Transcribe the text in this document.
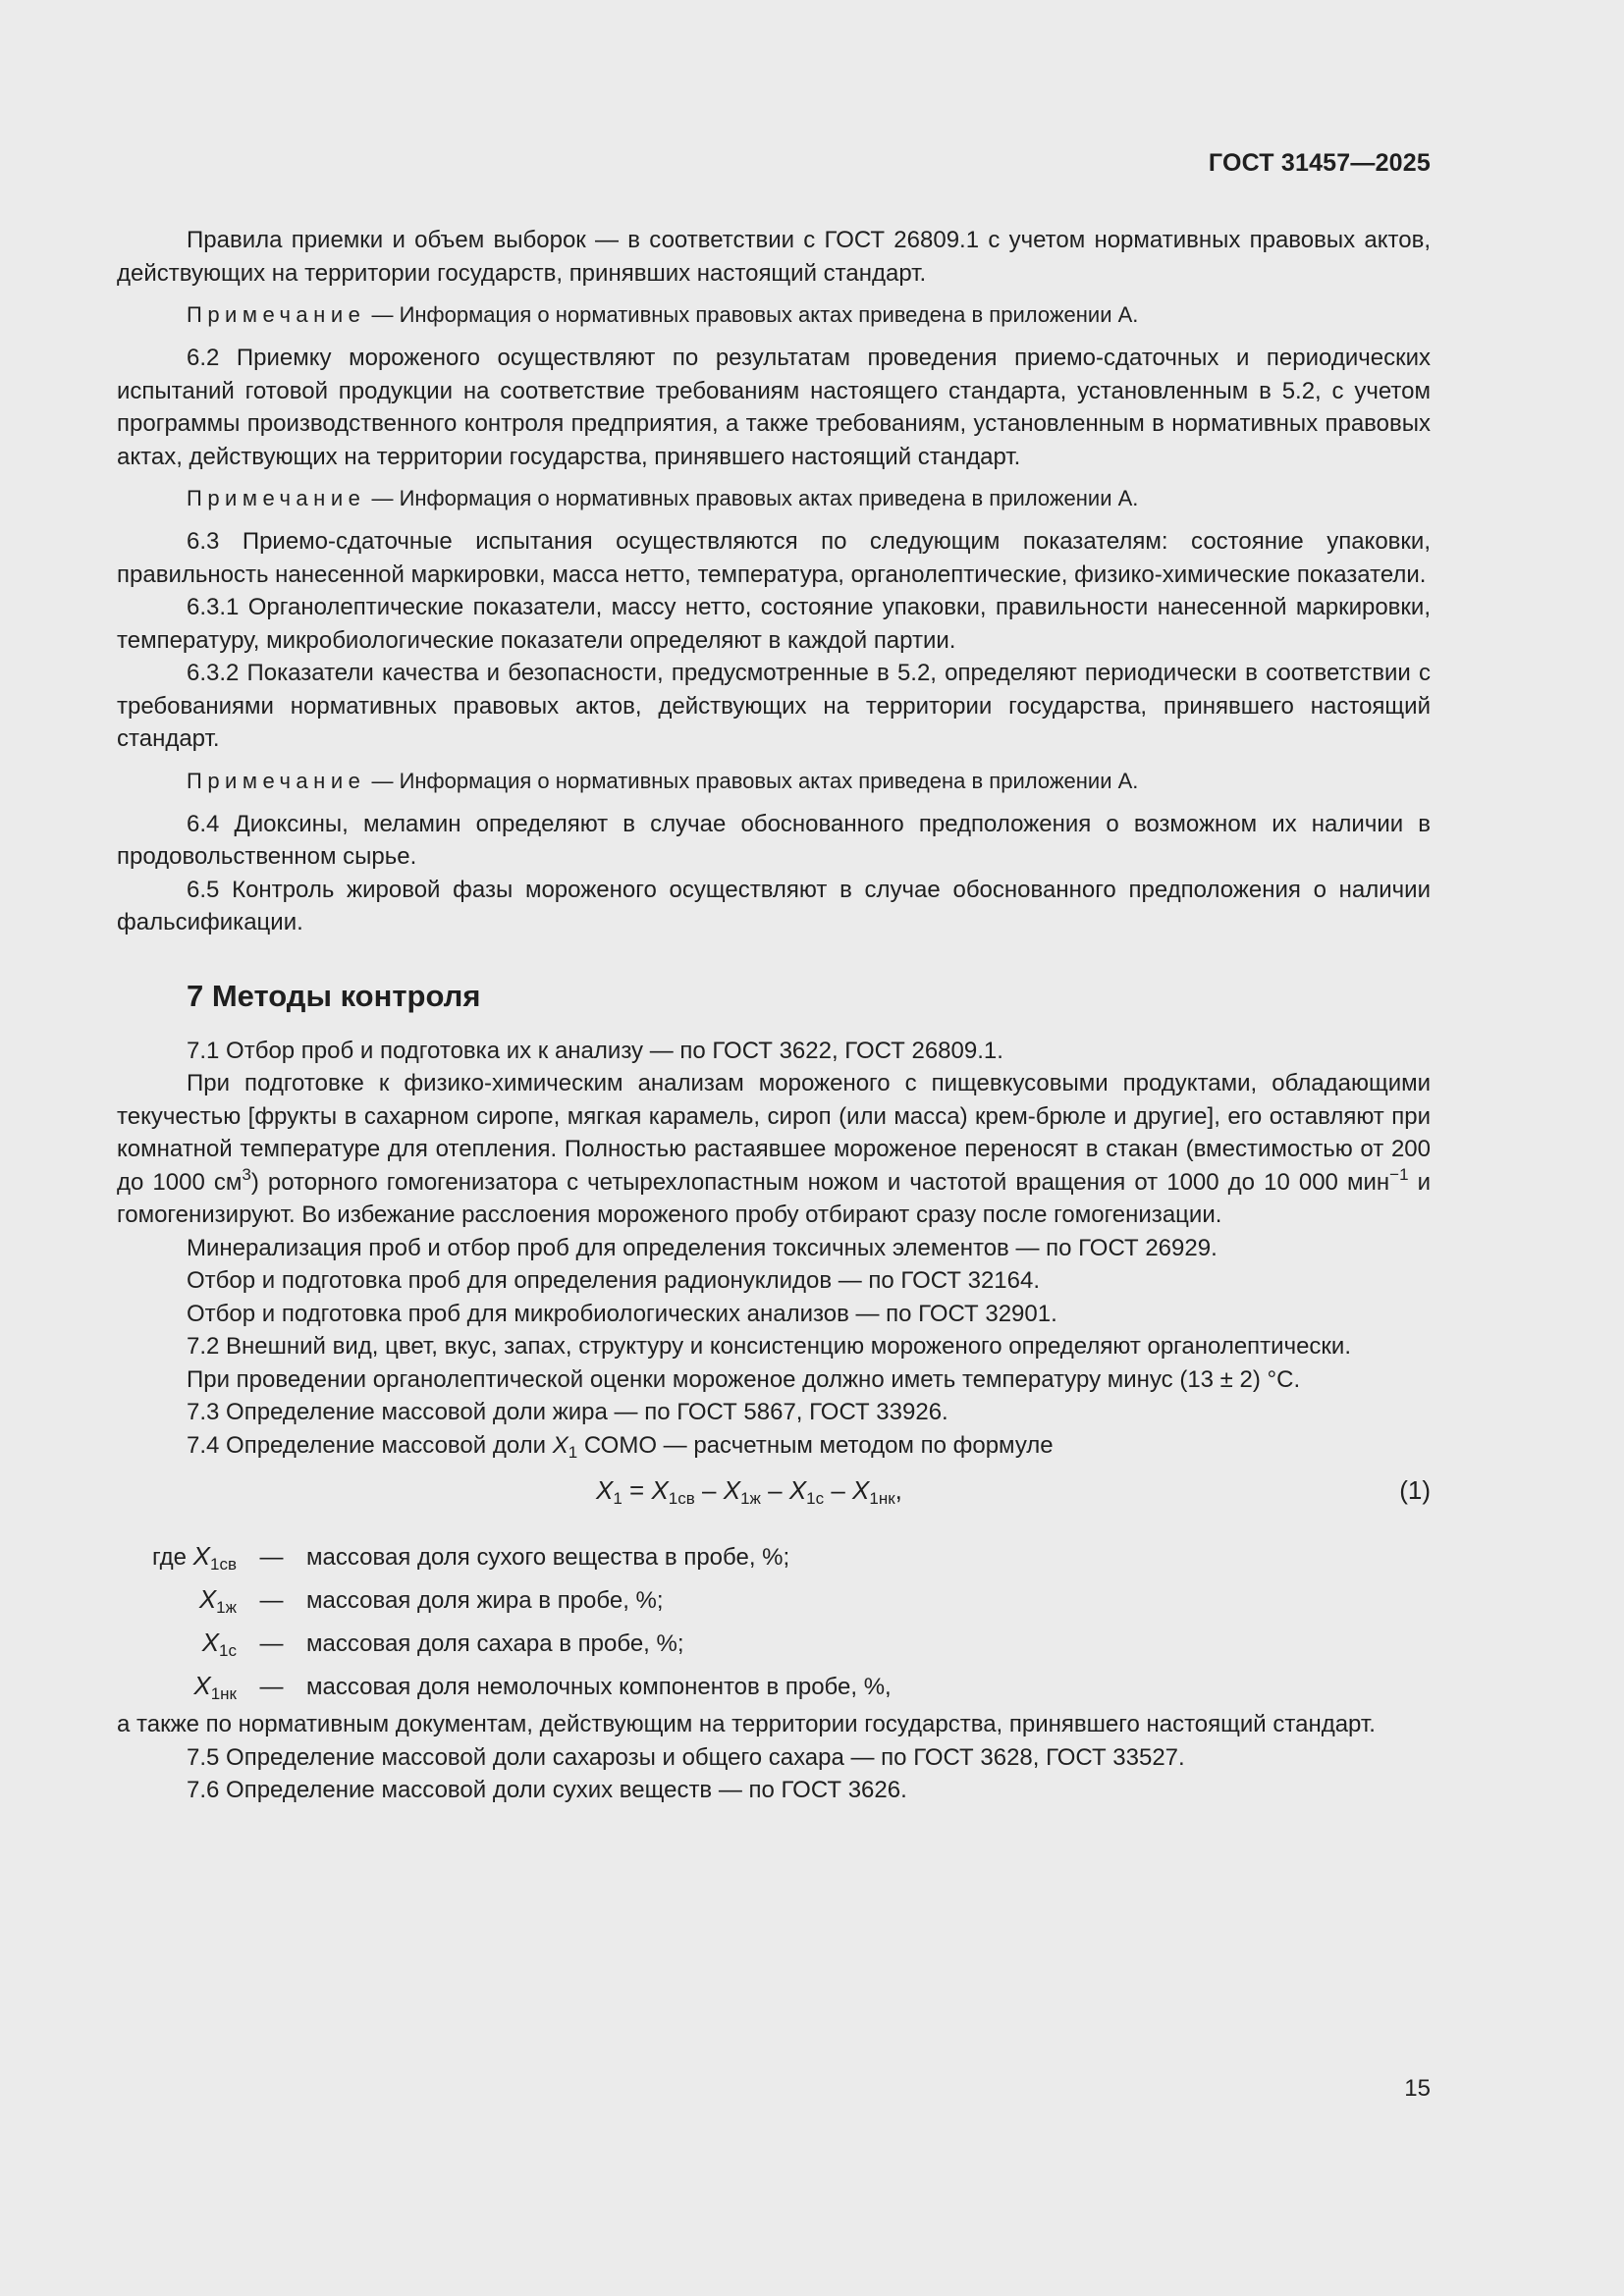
ГОСТ 31457—2025

Правила приемки и объем выборок — в соответствии с ГОСТ 26809.1 с учетом нормативных правовых актов, действующих на территории государств, принявших настоящий стандарт.

Примечание — Информация о нормативных правовых актах приведена в приложении А.

6.2 Приемку мороженого осуществляют по результатам проведения приемо-сдаточных и периодических испытаний готовой продукции на соответствие требованиям настоящего стандарта, установленным в 5.2, с учетом программы производственного контроля предприятия, а также требованиям, установленным в нормативных правовых актах, действующих на территории государства, принявшего настоящий стандарт.

Примечание — Информация о нормативных правовых актах приведена в приложении А.

6.3 Приемо-сдаточные испытания осуществляются по следующим показателям: состояние упаковки, правильность нанесенной маркировки, масса нетто, температура, органолептические, физико-химические показатели.

6.3.1 Органолептические показатели, массу нетто, состояние упаковки, правильности нанесенной маркировки, температуру, микробиологические показатели определяют в каждой партии.

6.3.2 Показатели качества и безопасности, предусмотренные в 5.2, определяют периодически в соответствии с требованиями нормативных правовых актов, действующих на территории государства, принявшего настоящий стандарт.

Примечание — Информация о нормативных правовых актах приведена в приложении А.

6.4 Диоксины, меламин определяют в случае обоснованного предположения о возможном их наличии в продовольственном сырье.

6.5 Контроль жировой фазы мороженого осуществляют в случае обоснованного предположения о наличии фальсификации.

7 Методы контроля

7.1 Отбор проб и подготовка их к анализу — по ГОСТ 3622, ГОСТ 26809.1.

При подготовке к физико-химическим анализам мороженого с пищевкусовыми продуктами, обладающими текучестью [фрукты в сахарном сиропе, мягкая карамель, сироп (или масса) крем-брюле и другие], его оставляют при комнатной температуре для отепления. Полностью растаявшее мороженое переносят в стакан (вместимостью от 200 до 1000 $см^3$) роторного гомогенизатора с четырехлопастным ножом и частотой вращения от 1000 до 10 000 мин$^{-1}$ и гомогенизируют. Во избежание расслоения мороженого пробу отбирают сразу после гомогенизации.

Минерализация проб и отбор проб для определения токсичных элементов — по ГОСТ 26929.

Отбор и подготовка проб для определения радионуклидов — по ГОСТ 32164.

Отбор и подготовка проб для микробиологических анализов — по ГОСТ 32901.

7.2 Внешний вид, цвет, вкус, запах, структуру и консистенцию мороженого определяют органолептически.

При проведении органолептической оценки мороженое должно иметь температуру минус (13 ± 2) °С.

7.3 Определение массовой доли жира — по ГОСТ 5867, ГОСТ 33926.

7.4 Определение массовой доли $X_1$ СОМО — расчетным методом по формуле

$X_1 = X_{1св} - X_{1ж} - X_{1с} - X_{1нк}$,	(1)
где $X_{1св}$	—	массовая доля сухого вещества в пробе, %;
$X_{1ж}$	—	массовая доля жира в пробе, %;
$X_{1с}$	—	массовая доля сахара в пробе, %;
$X_{1нк}$	—	массовая доля немолочных компонентов в пробе, %,

а также по нормативным документам, действующим на территории государства, принявшего настоящий стандарт.

7.5 Определение массовой доли сахарозы и общего сахара — по ГОСТ 3628, ГОСТ 33527.

7.6 Определение массовой доли сухих веществ — по ГОСТ 3626.

15
